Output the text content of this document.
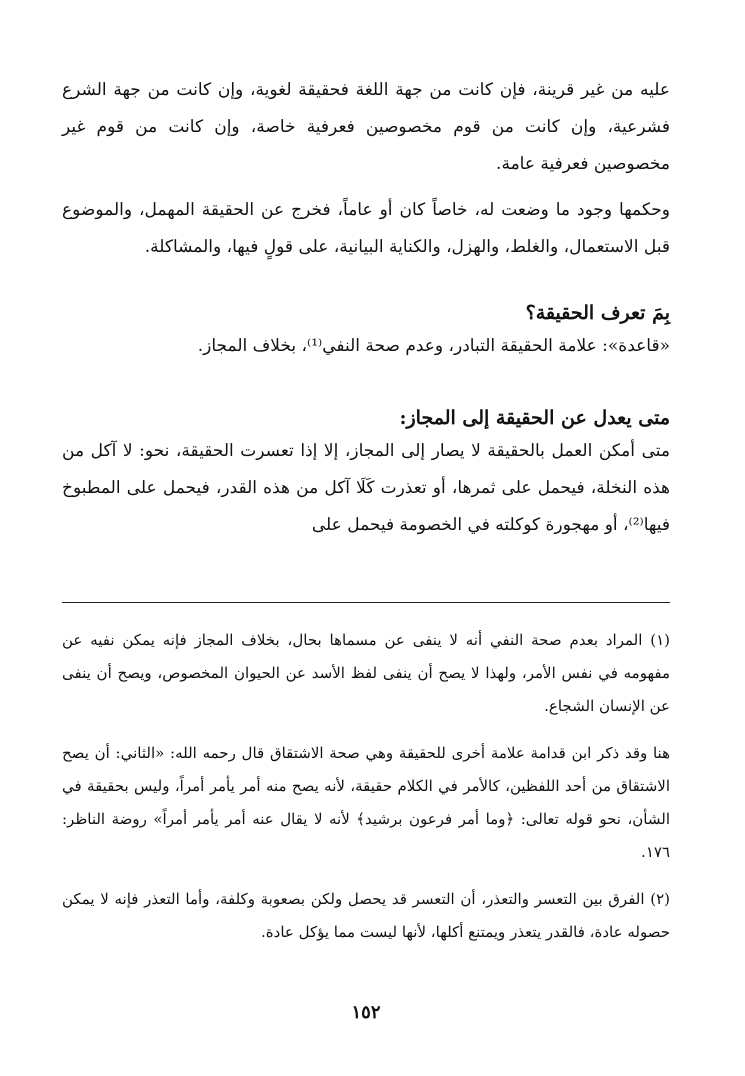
عليه من غير قرينة، فإن كانت من جهة اللغة فحقيقة لغوية، وإن كانت من جهة الشرع فشرعية، وإن كانت من قوم مخصوصين فعرفية خاصة، وإن كانت من قوم غير مخصوصين فعرفية عامة.

وحكمها وجود ما وضعت له، خاصاً كان أو عاماً، فخرج عن الحقيقة المهمل، والموضوع قبل الاستعمال، والغلط، والهزل، والكناية البيانية، على قولٍ فيها، والمشاكلة.

بِمَ تعرف الحقيقة؟

«قاعدة»: علامة الحقيقة التبادر، وعدم صحة النفي⁽¹⁾، بخلاف المجاز.

متى يعدل عن الحقيقة إلى المجاز:

متى أمكن العمل بالحقيقة لا يصار إلى المجاز، إلا إذا تعسرت الحقيقة، نحو: لا آكل من هذه النخلة، فيحمل على ثمرها، أو تعذرت كَلَا آكل من هذه القدر، فيحمل على المطبوخ فيها⁽²⁾، أو مهجورة كوكلته في الخصومة فيحمل على

(١) المراد بعدم صحة النفي أنه لا ينفى عن مسماها بحال، بخلاف المجاز فإنه يمكن نفيه عن مفهومه في نفس الأمر، ولهذا لا يصح أن ينفى لفظ الأسد عن الحيوان المخصوص، ويصح أن ينفى عن الإنسان الشجاع.

هنا وقد ذكر ابن قدامة علامة أخرى للحقيقة وهي صحة الاشتقاق قال رحمه الله: «الثاني: أن يصح الاشتقاق من أحد اللفظين، كالأمر في الكلام حقيقة، لأنه يصح منه أمر يأمر أمراً، وليس بحقيقة في الشأن، نحو قوله تعالى: ﴿وما أمر فرعون برشيد﴾ لأنه لا يقال عنه أمر يأمر أمراً» روضة الناظر: ١٧٦.

(٢) الفرق بين التعسر والتعذر، أن التعسر قد يحصل ولكن بصعوبة وكلفة، وأما التعذر فإنه لا يمكن حصوله عادة، فالقدر يتعذر ويمتنع أكلها، لأنها ليست مما يؤكل عادة.

١٥٢
